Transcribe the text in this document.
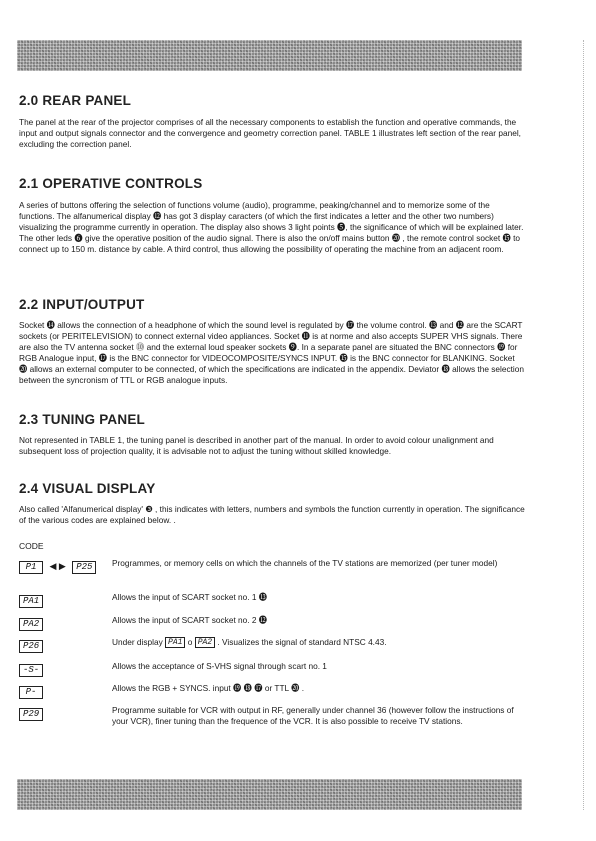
2.0 REAR PANEL

The panel at the rear of the projector comprises of all the necessary components to establish the function and operative commands, the input and output signals connector and the convergence and geometry correction panel. TABLE 1 illustrates left section of the rear panel, excluding the correction panel.

2.1 OPERATIVE CONTROLS

A series of buttons offering the selection of functions volume (audio), programme, peaking/channel and to memorize some of the functions. The alfanumerical display ⓬ has got 3 display caracters (of which the first indicates a letter and the other two numbers) visualizing the programme currently in operation. The display also shows 3 light points ❺, the significance of which will be explained later. The other leds ❻ give the operative position of the audio signal. There is also the on/off mains button ⓴ , the remote control socket ⓯ to connect up to 150 m. distance by cable. A third control, thus allowing the possibility of operating the machine from an adjacent room.

2.2 INPUT/OUTPUT

Socket ⓮ allows the connection of a headphone of which the sound level is regulated by ⓱ the volume control. ⓭ and ⓬ are the SCART sockets (or PERITELEVISION) to connect external video appliances. Socket ⓫ is at norme and also accepts SUPER VHS signals. There are also the TV antenna socket ⓾ and the external loud speaker sockets ❾. In a separate panel are situated the BNC connectors ⓳ for RGB Analogue input, ⓱ is the BNC connector for VIDEOCOMPOSITE/SYNCS INPUT. ⓯ is the BNC connector for BLANKING. Socket ⓴ allows an external computer to be connected, of which the specifications are indicated in the appendix. Deviator ⓲ allows the selection between the syncronism of TTL or RGB analogue inputs.

2.3 TUNING PANEL

Not represented in TABLE 1, the tuning panel is described in another part of the manual. In order to avoid colour unalignment and subsequent loss of projection quality, it is advisable not to adjust the tuning without skilled knowledge.

2.4 VISUAL DISPLAY

Also called 'Alfanumerical display' ❸ , this indicates with letters, numbers and symbols the function currently in operation. The significance of the various codes are explained below. .

CODE
P1 ◀ ▶ P25	Programmes, or memory cells on which the channels of the TV stations are memorized (per tuner model)
PA1	Allows the input of SCART socket no. 1 ⓭
PA2	Allows the input of SCART socket no. 2 ⓬
P26	Under display PA1 o PA2 . Visualizes the signal of standard NTSC 4.43.
-S-	Allows the acceptance of S-VHS signal through scart no. 1
P-	Allows the RGB + SYNCS. input ⓳ ⓲ ⓱ or TTL ⓴ .
P29	Programme suitable for VCR with output in RF, generally under channel 36 (however follow the instructions of your VCR), finer tuning than the frequence of the VCR. It is also possible to receive TV stations.
